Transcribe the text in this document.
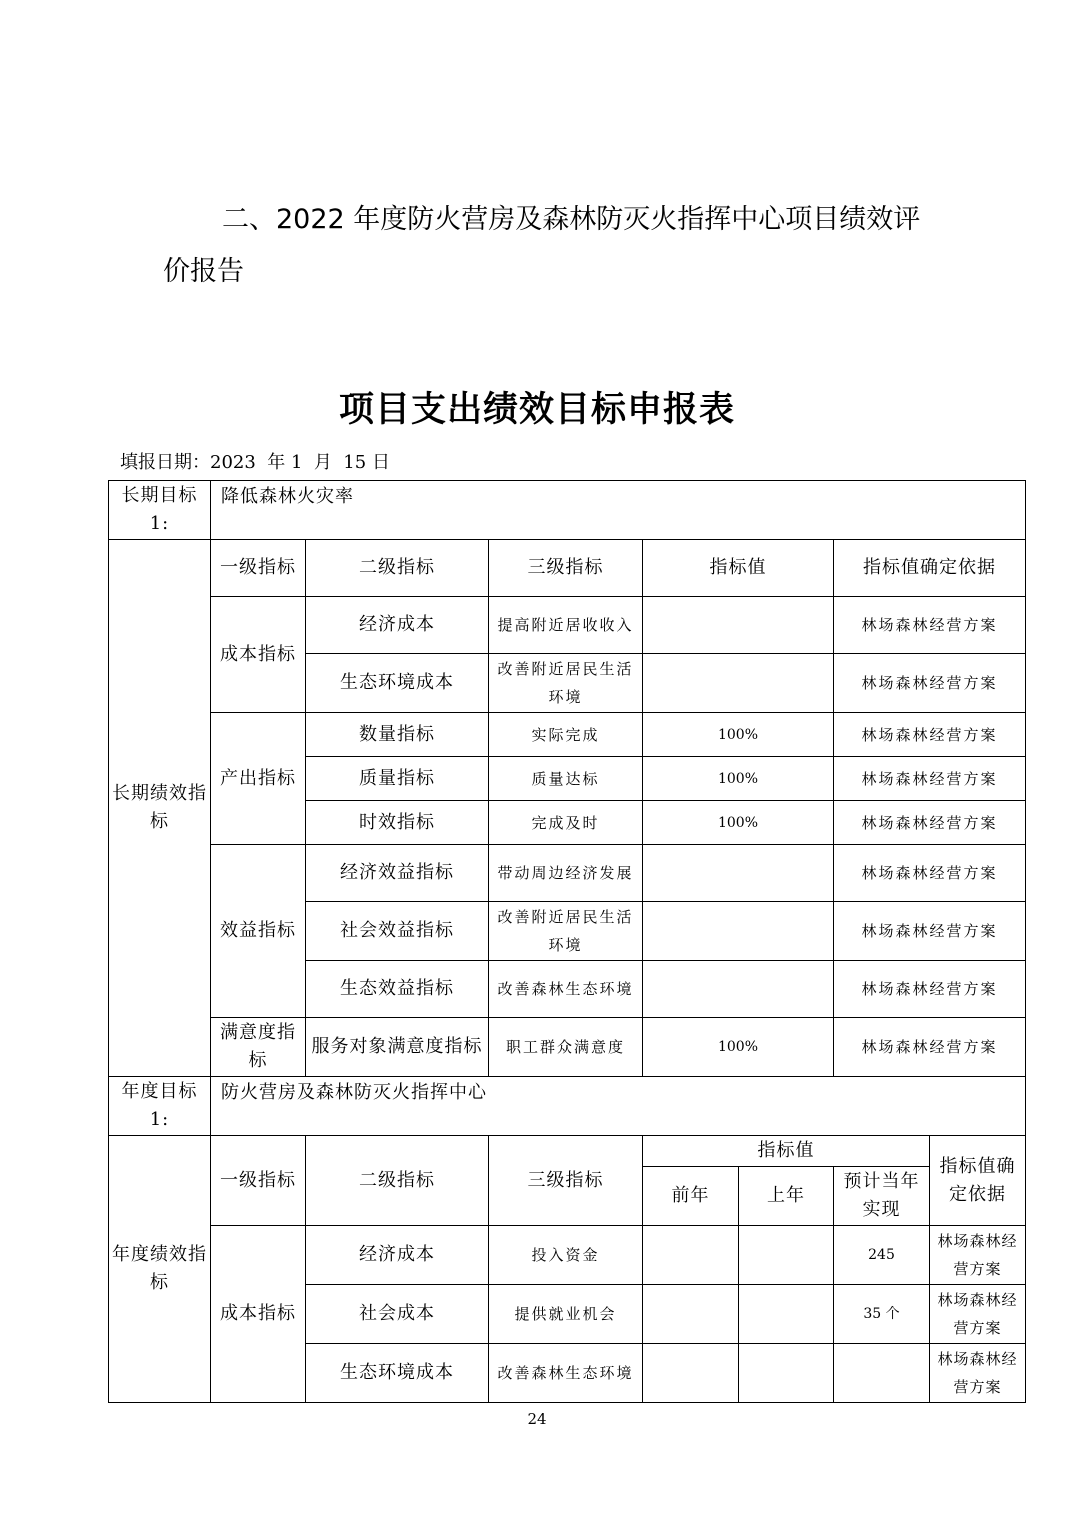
二、2022 年度防火营房及森林防灭火指挥中心项目绩效评
价报告
项目支出绩效目标申报表
填报日期：2023  年 1  月  15 日
长期目标 1:	降低森林火灾率						
长期绩效指标	一级指标	二级指标	三级指标	指标值		指标值确定依据	
	成本指标	经济成本	提高附近居收收入			林场森林经营方案	
		生态环境成本	改善附近居民生活环境			林场森林经营方案	
	产出指标	数量指标	实际完成	100%		林场森林经营方案	
		质量指标	质量达标	100%		林场森林经营方案	
		时效指标	完成及时	100%		林场森林经营方案	
	效益指标	经济效益指标	带动周边经济发展			林场森林经营方案	
		社会效益指标	改善附近居民生活环境			林场森林经营方案	
		生态效益指标	改善森林生态环境			林场森林经营方案	
	满意度指标	服务对象满意度指标	职工群众满意度	100%		林场森林经营方案	
年度目标 1:	防火营房及森林防灭火指挥中心						
年度绩效指标	一级指标	二级指标	三级指标	指标值			指标值确定依据
				前年	上年	预计当年实现	
	成本指标	经济成本	投入资金			245	林场森林经营方案
		社会成本	提供就业机会			35 个	林场森林经营方案
		生态环境成本	改善森林生态环境				林场森林经营方案
24
